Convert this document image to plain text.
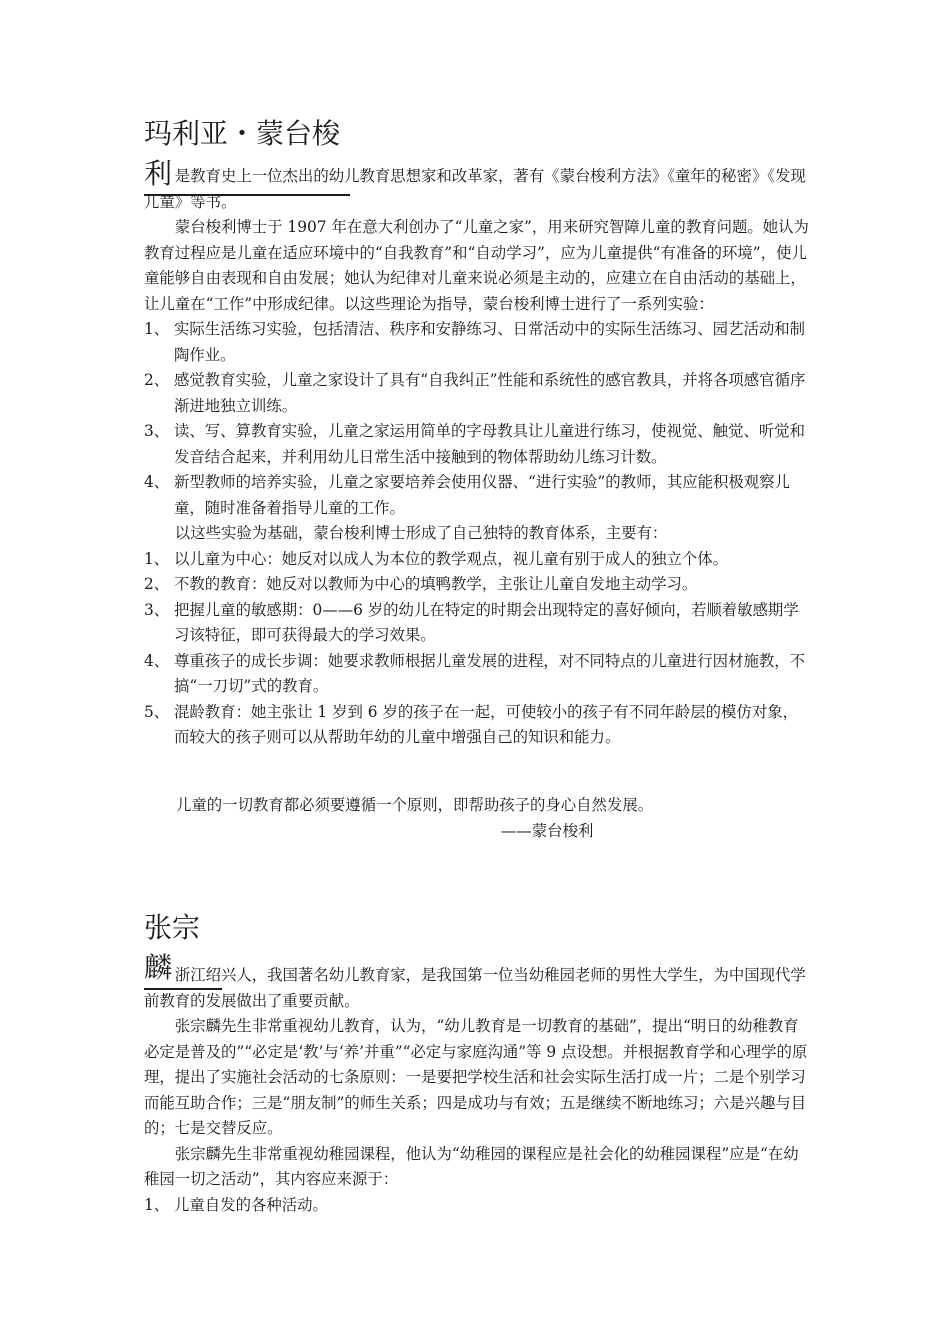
玛利亚・蒙台梭利 是教育史上一位杰出的幼儿教育思想家和改革家，著有《蒙台梭利方法》《童年的秘密》《发现儿童》等书。

蒙台梭利博士于 1907 年在意大利创办了“儿童之家”，用来研究智障儿童的教育问题。她认为教育过程应是儿童在适应环境中的“自我教育”和“自动学习”，应为儿童提供“有准备的环境”，使儿童能够自由表现和自由发展；她认为纪律对儿童来说必须是主动的，应建立在自由活动的基础上，让儿童在“工作”中形成纪律。以这些理论为指导，蒙台梭利博士进行了一系列实验：

1、 实际生活练习实验，包括清洁、秩序和安静练习、日常活动中的实际生活练习、园艺活动和制陶作业。
2、 感觉教育实验，儿童之家设计了具有“自我纠正”性能和系统性的感官教具，并将各项感官循序渐进地独立训练。
3、 读、写、算教育实验，儿童之家运用简单的字母教具让儿童进行练习，使视觉、触觉、听觉和发音结合起来，并利用幼儿日常生活中接触到的物体帮助幼儿练习计数。
4、 新型教师的培养实验，儿童之家要培养会使用仪器、“进行实验”的教师，其应能积极观察儿童，随时准备着指导儿童的工作。

以这些实验为基础，蒙台梭利博士形成了自己独特的教育体系，主要有：

1、 以儿童为中心：她反对以成人为本位的教学观点，视儿童有别于成人的独立个体。
2、 不教的教育：她反对以教师为中心的填鸭教学，主张让儿童自发地主动学习。
3、 把握儿童的敏感期：0——6 岁的幼儿在特定的时期会出现特定的喜好倾向，若顺着敏感期学习该特征，即可获得最大的学习效果。
4、 尊重孩子的成长步调：她要求教师根据儿童发展的进程，对不同特点的儿童进行因材施教，不搞“一刀切”式的教育。
5、 混龄教育：她主张让 1 岁到 6 岁的孩子在一起，可使较小的孩子有不同年龄层的模仿对象，而较大的孩子则可以从帮助年幼的儿童中增强自己的知识和能力。

儿童的一切教育都必须要遵循一个原则，即帮助孩子的身心自然发展。

——蒙台梭利

张宗麟 浙江绍兴人，我国著名幼儿教育家，是我国第一位当幼稚园老师的男性大学生，为中国现代学前教育的发展做出了重要贡献。

张宗麟先生非常重视幼儿教育，认为，“幼儿教育是一切教育的基础”，提出“明日的幼稚教育必定是普及的”“必定是‘教’与‘养’并重”“必定与家庭沟通”等 9 点设想。并根据教育学和心理学的原理，提出了实施社会活动的七条原则：一是要把学校生活和社会实际生活打成一片；二是个别学习而能互助合作；三是“朋友制”的师生关系；四是成功与有效；五是继续不断地练习；六是兴趣与目的；七是交替反应。

张宗麟先生非常重视幼稚园课程，他认为“幼稚园的课程应是社会化的幼稚园课程”应是“在幼稚园一切之活动”，其内容应来源于：

1、 儿童自发的各种活动。
